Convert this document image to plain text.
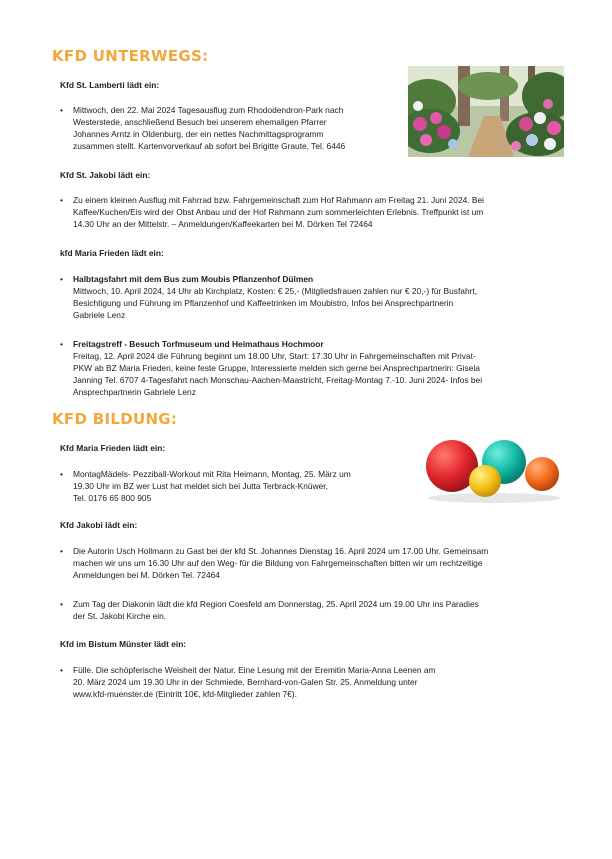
KFD UNTERWEGS:

Kfd St. Lamberti lädt ein:

• Mittwoch, den 22. Mai 2024 Tagesausflug zum Rhododendron-Park nach
Westerstede, anschließend Besuch bei unserem ehemaligen Pfarrer
Johannes Arntz in Oldenburg, der ein nettes Nachmittagsprogramm
zusammen stellt. Kartenvorverkauf ab sofort bei Brigitte Graute, Tel. 6446

Kfd St. Jakobi lädt ein:

• Zu einem kleinen Ausflug mit Fahrrad bzw. Fahrgemeinschaft zum Hof Rahmann am Freitag 21. Juni 2024. Bei
Kaffee/Kuchen/Eis wird der Obst Anbau und der Hof Rahmann zum sommerleichten Erlebnis. Treffpunkt ist um
14.30 Uhr an der Mittelstr. – Anmeldungen/Kaffeekarten bei M. Dörken Tel 72464

kfd Maria Frieden lädt ein:

• Halbtagsfahrt mit dem Bus zum Moubis Pflanzenhof Dülmen
Mittwoch, 10. April 2024, 14 Uhr ab Kirchplatz, Kosten: € 25,- (Mitgliedsfrauen zahlen nur € 20,-) für Busfahrt,
Besichtigung und Führung im Pflanzenhof und Kaffeetrinken im Moubistro, Infos bei Ansprechpartnerin
Gabriele Lenz
• Freitagstreff - Besuch Torfmuseum und Heimathaus Hochmoor
Freitag, 12. April 2024 die Führung beginnt um 18.00 Uhr, Start: 17.30 Uhr in Fahrgemeinschaften mit Privat-
PKW ab BZ Maria Frieden, keine feste Gruppe, Interessierte melden sich gerne bei Ansprechpartnerin: Gisela
Janning Tel. 6707 4-Tagesfahrt nach Monschau-Aachen-Maastricht, Freitag-Montag 7.-10. Juni 2024- Infos bei
Ansprechpartnerin Gabriele Lenz
KFD BILDUNG:

Kfd Maria Frieden lädt ein:

• MontagMädels- Pezziball-Workout mit Rita Heimann, Montag, 25. März um
19.30 Uhr im BZ wer Lust hat meldet sich bei Jutta Terbrack-Knüwer,
Tel. 0176 65 800 905

Kfd Jakobi lädt ein:

• Die Autorin Usch Hollmann zu Gast bei der kfd St. Johannes Dienstag 16. April 2024 um 17.00 Uhr. Gemeinsam
machen wir uns um 16.30 Uhr auf den Weg- für die Bildung von Fahrgemeinschaften bitten wir um rechtzeitige
Anmeldungen bei M. Dörken Tel. 72464
• Zum Tag der Diakonin lädt die kfd Region Coesfeld am Donnerstag, 25. April 2024 um 19.00 Uhr ins Paradies
der St. Jakobi Kirche ein.

Kfd im Bistum Münster lädt ein:

• Fülle. Die schöpferische Weisheit der Natur. Eine Lesung mit der Eremitin Maria-Anna Leenen am
20. März 2024 um 19.30 Uhr in der Schmiede, Bernhard-von-Galen Str. 25. Anmeldung unter
www.kfd-muenster.de (Eintritt 10€, kfd-Mitglieder zahlen 7€).
